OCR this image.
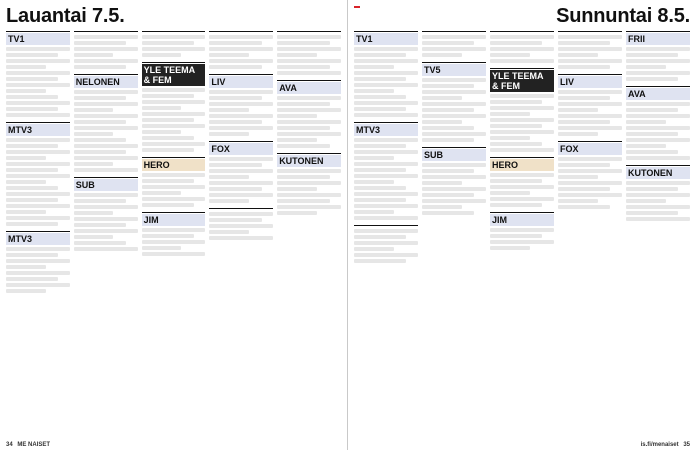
Lauantai 7.5.
TV1
MTV3
MTV3
NELONEN
SUB
YLE TEEMA & FEM
HERO
JIM
LIV
FOX
AVA
KUTONEN
34 ME NAISET
Sunnuntai 8.5.
TV1
MTV3
TV5
SUB
YLE TEEMA & FEM
HERO
JIM
LIV
FOX
FRII
AVA
KUTONEN
is.fi/menaiset 35
